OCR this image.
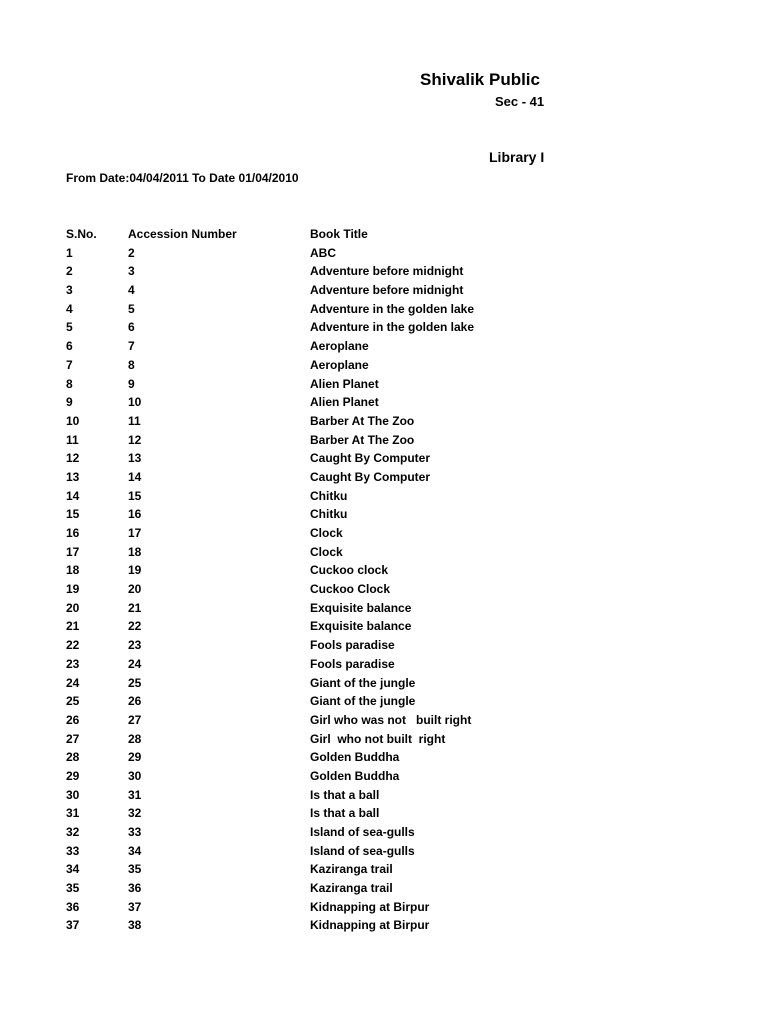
Shivalik Public
Sec - 41
Library I
From Date:04/04/2011 To Date 01/04/2010
S.No.	Accession Number	Book Title
1	2	ABC
2	3	Adventure before midnight
3	4	Adventure before midnight
4	5	Adventure in the golden lake
5	6	Adventure in the golden lake
6	7	Aeroplane
7	8	Aeroplane
8	9	Alien Planet
9	10	Alien Planet
10	11	Barber At The Zoo
11	12	Barber At The Zoo
12	13	Caught By Computer
13	14	Caught By Computer
14	15	Chitku
15	16	Chitku
16	17	Clock
17	18	Clock
18	19	Cuckoo clock
19	20	Cuckoo Clock
20	21	Exquisite balance
21	22	Exquisite balance
22	23	Fools paradise
23	24	Fools paradise
24	25	Giant of the jungle
25	26	Giant of the jungle
26	27	Girl who was not   built right
27	28	Girl  who not built  right
28	29	Golden Buddha
29	30	Golden Buddha
30	31	Is that a ball
31	32	Is that a ball
32	33	Island of sea-gulls
33	34	Island of sea-gulls
34	35	Kaziranga trail
35	36	Kaziranga trail
36	37	Kidnapping at Birpur
37	38	Kidnapping at Birpur
